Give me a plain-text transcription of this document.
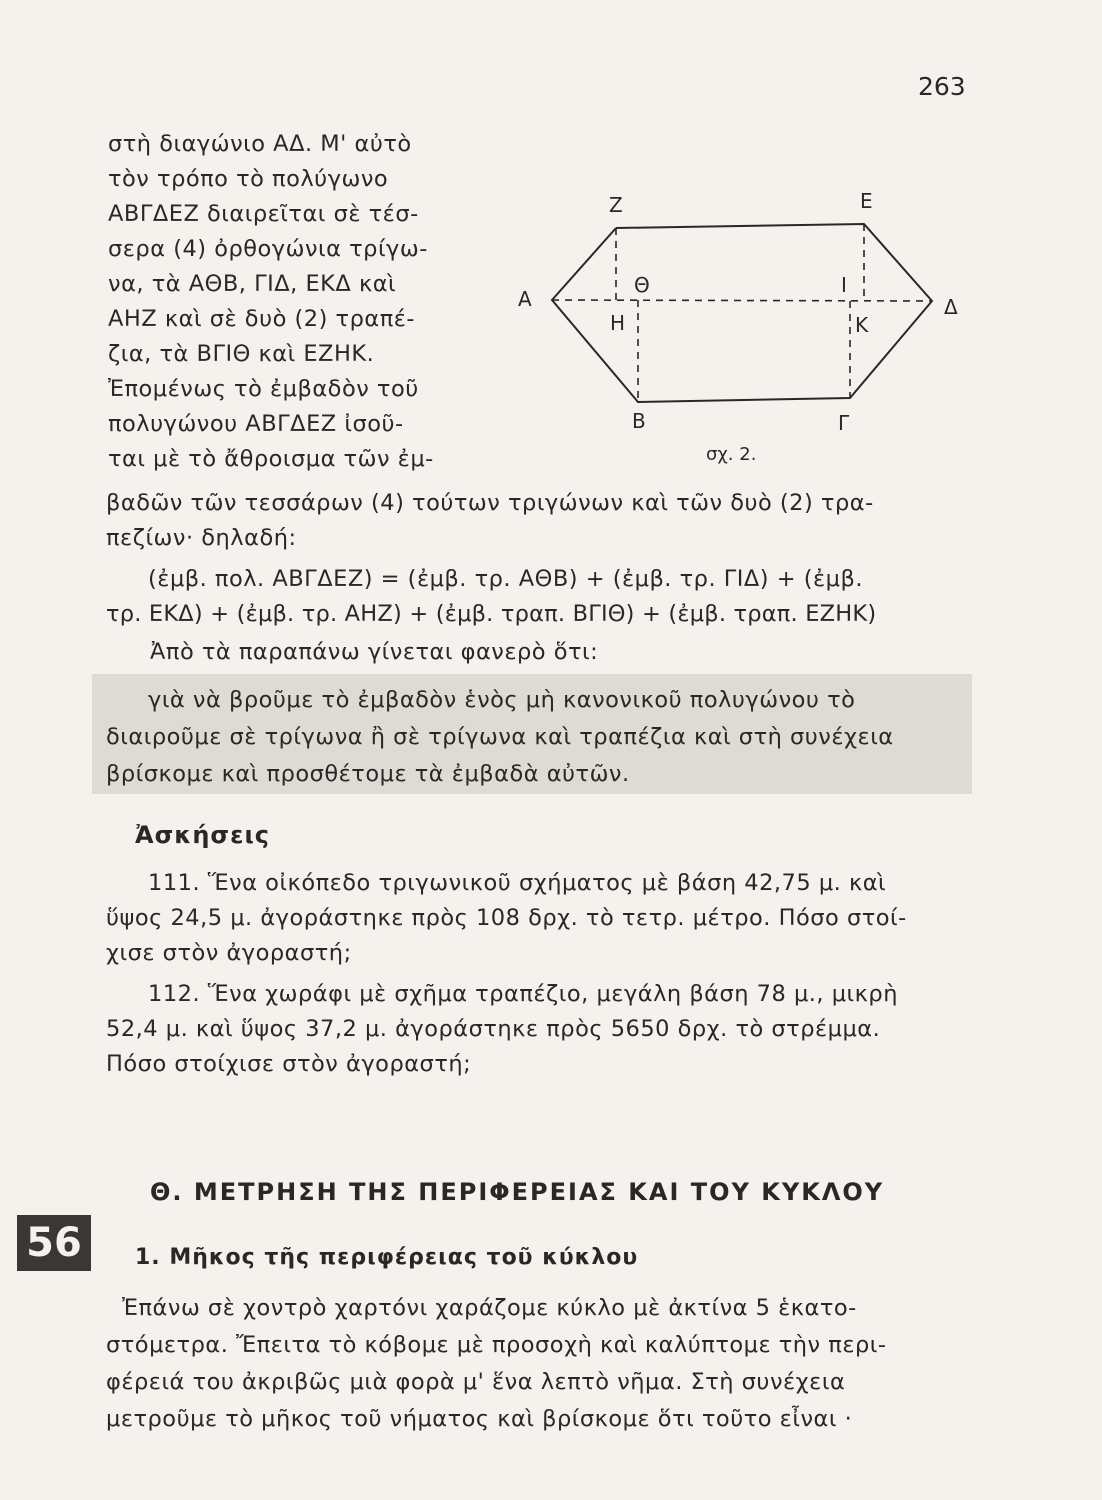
263
στὴ διαγώνιο ΑΔ. Μ' αὐτὸ
τὸν τρόπο τὸ πολύγωνο
ΑΒΓΔΕΖ διαιρεῖται σὲ τέσ-
σερα (4) ὀρθογώνια τρίγω-
να, τὰ ΑΘΒ, ΓΙΔ, ΕΚΔ καὶ
ΑΗΖ καὶ σὲ δυὸ (2) τραπέ-
ζια, τὰ ΒΓΙΘ καὶ ΕΖΗΚ.
Ἐπομένως τὸ ἐμβαδὸν τοῦ
πολυγώνου ΑΒΓΔΕΖ ἰσοῦ-
ται μὲ τὸ ἄθροισμα τῶν ἐμ-
Z	E
A	Δ
Θ	Ι
Η	Κ
Β	Γ
σχ. 2.
βαδῶν τῶν τεσσάρων (4) τούτων τριγώνων καὶ τῶν δυὸ (2) τρα-
πεζίων· δηλαδή:
(ἐμβ. πολ. ΑΒΓΔΕΖ) = (ἐμβ. τρ. ΑΘΒ) + (ἐμβ. τρ. ΓΙΔ) + (ἐμβ.
τρ. ΕΚΔ) + (ἐμβ. τρ. ΑΗΖ) + (ἐμβ. τραπ. ΒΓΙΘ) + (ἐμβ. τραπ. ΕΖΗΚ)
Ἀπὸ τὰ παραπάνω γίνεται φανερὸ ὅτι:
γιὰ νὰ βροῦμε τὸ ἐμβαδὸν ἑνὸς μὴ κανονικοῦ πολυγώνου τὸ
διαιροῦμε σὲ τρίγωνα ἢ σὲ τρίγωνα καὶ τραπέζια καὶ στὴ συνέχεια
βρίσκομε καὶ προσθέτομε τὰ ἐμβαδὰ αὐτῶν.
Ἀσκήσεις
111. Ἕνα οἰκόπεδο τριγωνικοῦ σχήματος μὲ βάση 42,75 μ. καὶ
ὕψος 24,5 μ. ἀγοράστηκε πρὸς 108 δρχ. τὸ τετρ. μέτρο. Πόσο στοί-
χισε στὸν ἀγοραστή;
112. Ἕνα χωράφι μὲ σχῆμα τραπέζιο, μεγάλη βάση 78 μ., μικρὴ
52,4 μ. καὶ ὕψος 37,2 μ. ἀγοράστηκε πρὸς 5650 δρχ. τὸ στρέμμα.
Πόσο στοίχισε στὸν ἀγοραστή;
Θ. ΜΕΤΡΗΣΗ ΤΗΣ ΠΕΡΙΦΕΡΕΙΑΣ ΚΑΙ ΤΟΥ ΚΥΚΛΟΥ
56	1. Μῆκος τῆς περιφέρειας τοῦ κύκλου
Ἐπάνω σὲ χοντρὸ χαρτόνι χαράζομε κύκλο μὲ ἀκτίνα 5 ἑκατο-
στόμετρα. Ἔπειτα τὸ κόβομε μὲ προσοχὴ καὶ καλύπτομε τὴν περι-
φέρειά του ἀκριβῶς μιὰ φορὰ μ' ἕνα λεπτὸ νῆμα. Στὴ συνέχεια
μετροῦμε τὸ μῆκος τοῦ νήματος καὶ βρίσκομε ὅτι τοῦτο εἶναι ·
